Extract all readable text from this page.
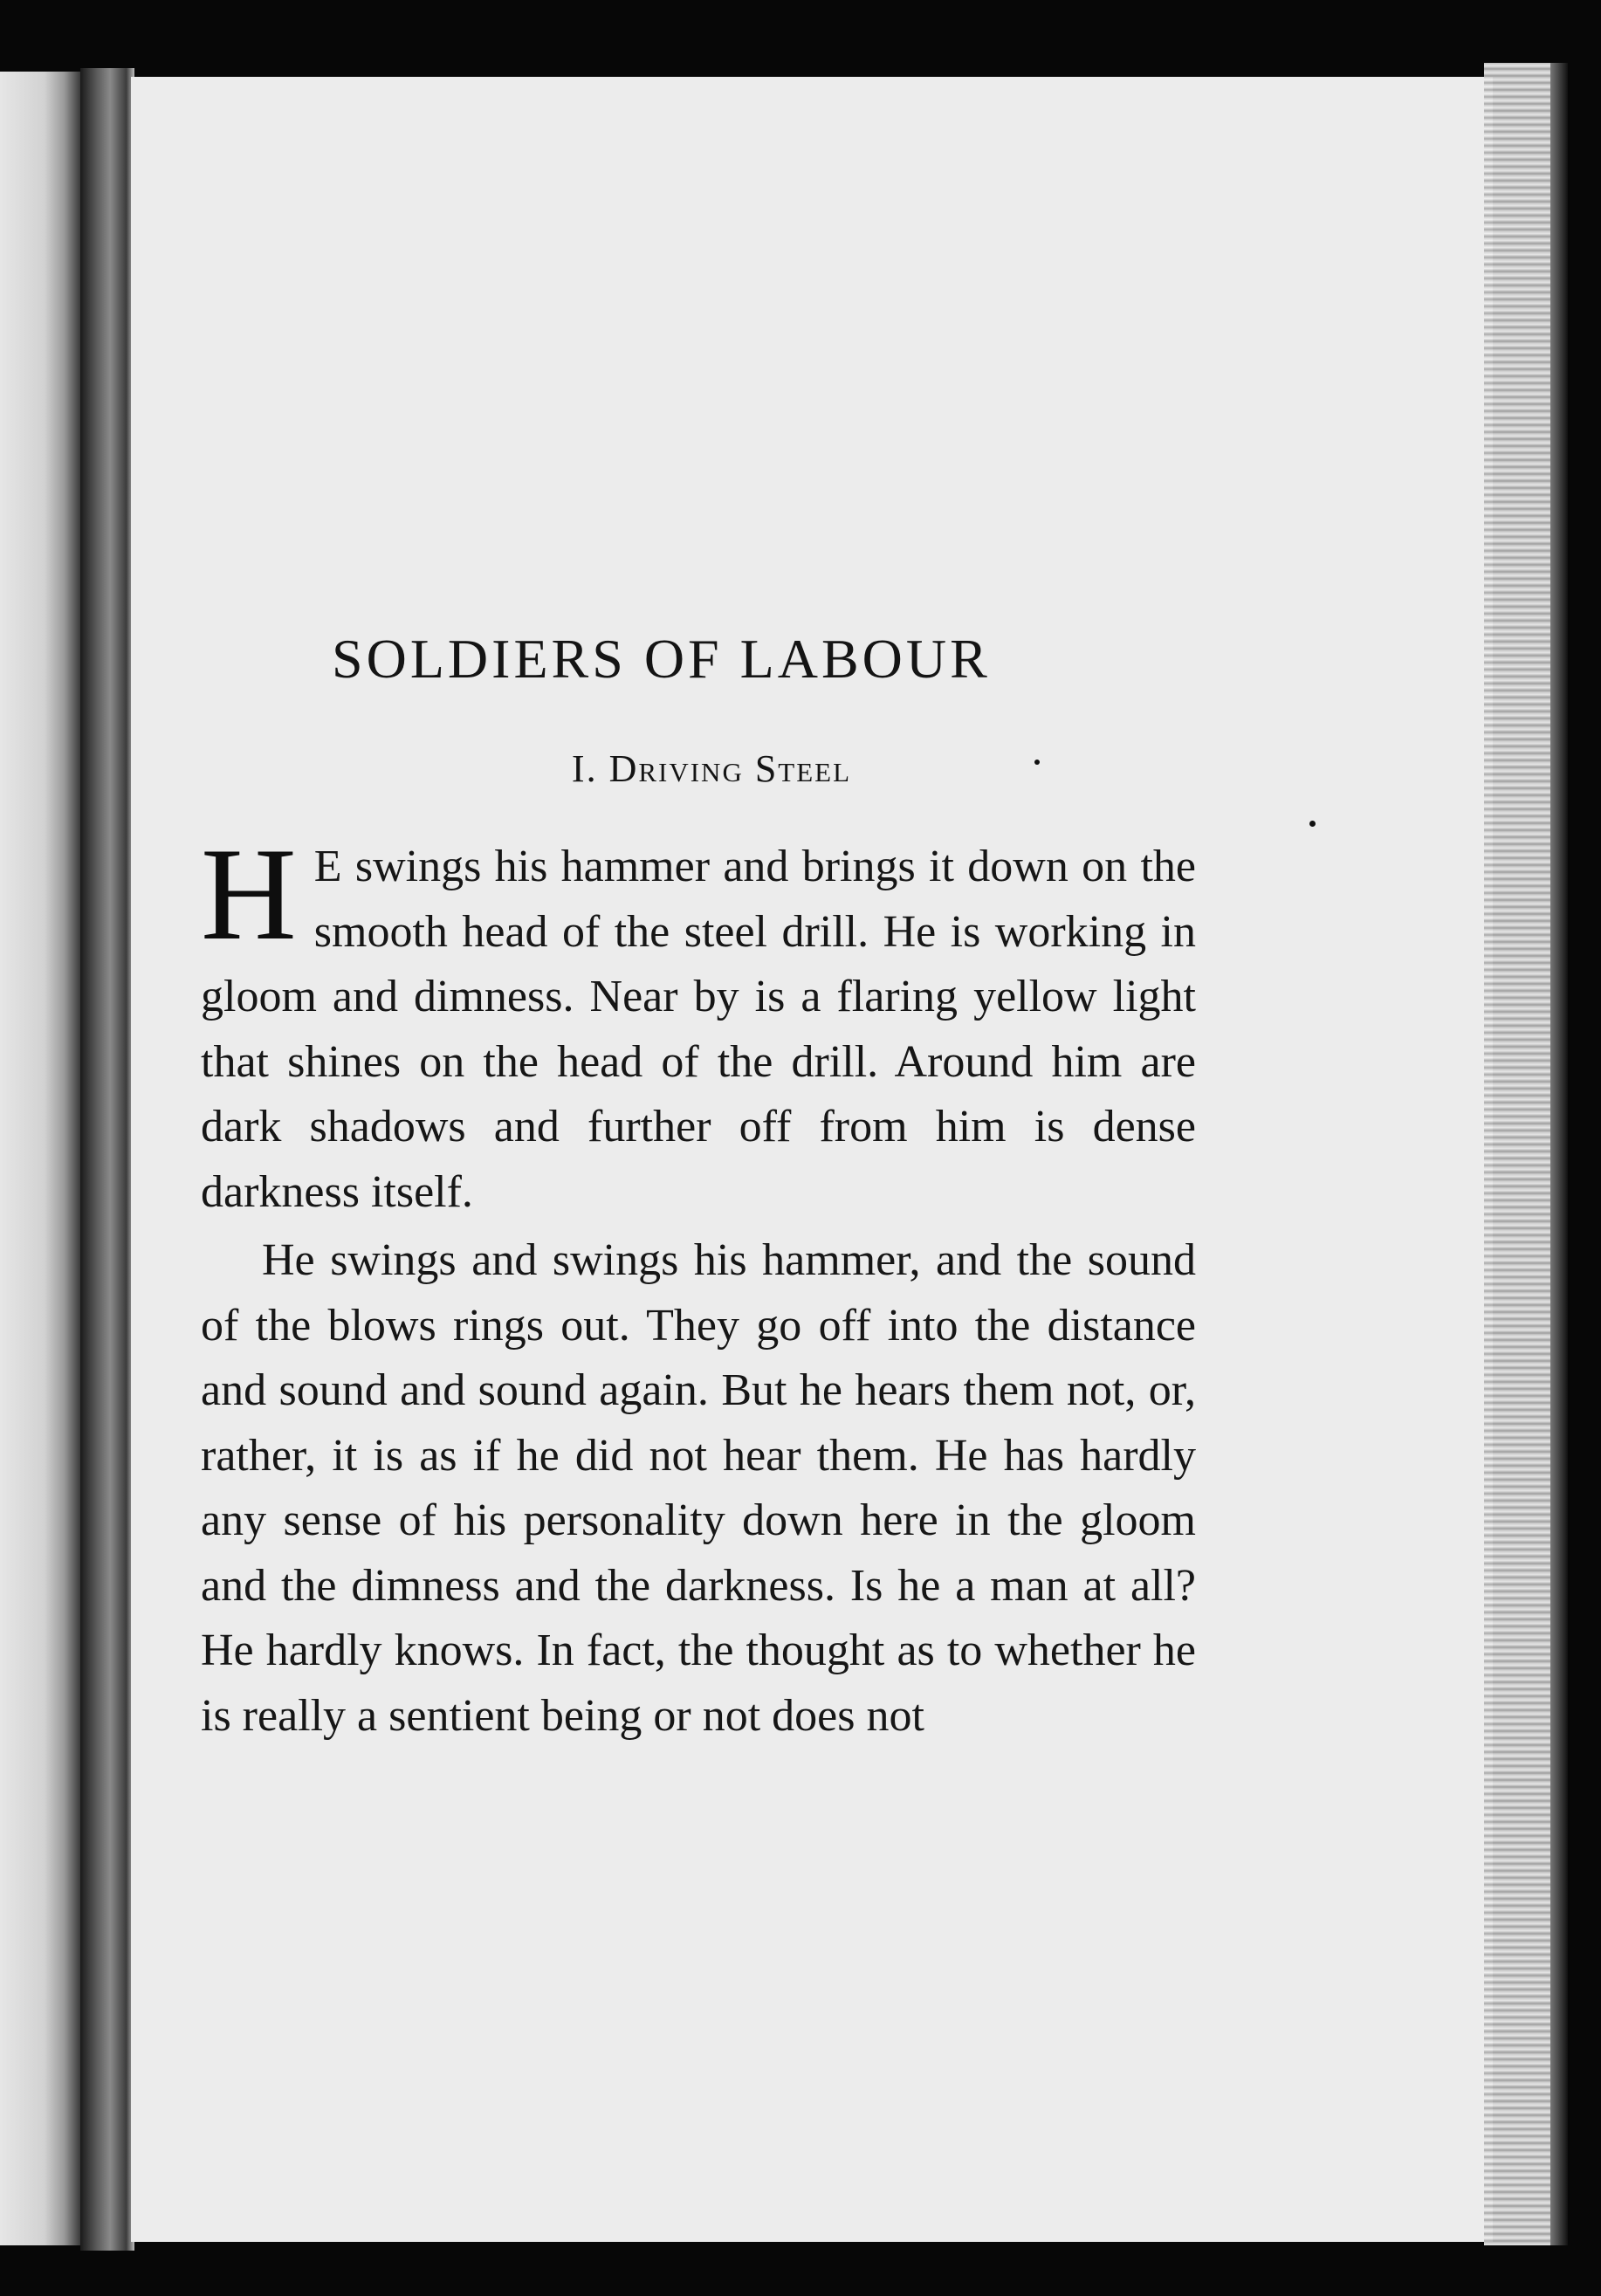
SOLDIERS OF LABOUR
I. Driving Steel

H E swings his hammer and brings it down on the smooth head of the steel drill. He is working in gloom and dimness. Near by is a flaring yellow light that shines on the head of the drill. Around him are dark shadows and further off from him is dense darkness itself.

He swings and swings his hammer, and the sound of the blows rings out. They go off into the distance and sound and sound again. But he hears them not, or, rather, it is as if he did not hear them. He has hardly any sense of his personality down here in the gloom and the dimness and the darkness. Is he a man at all? He hardly knows. In fact, the thought as to whether he is really a sentient being or not does not
